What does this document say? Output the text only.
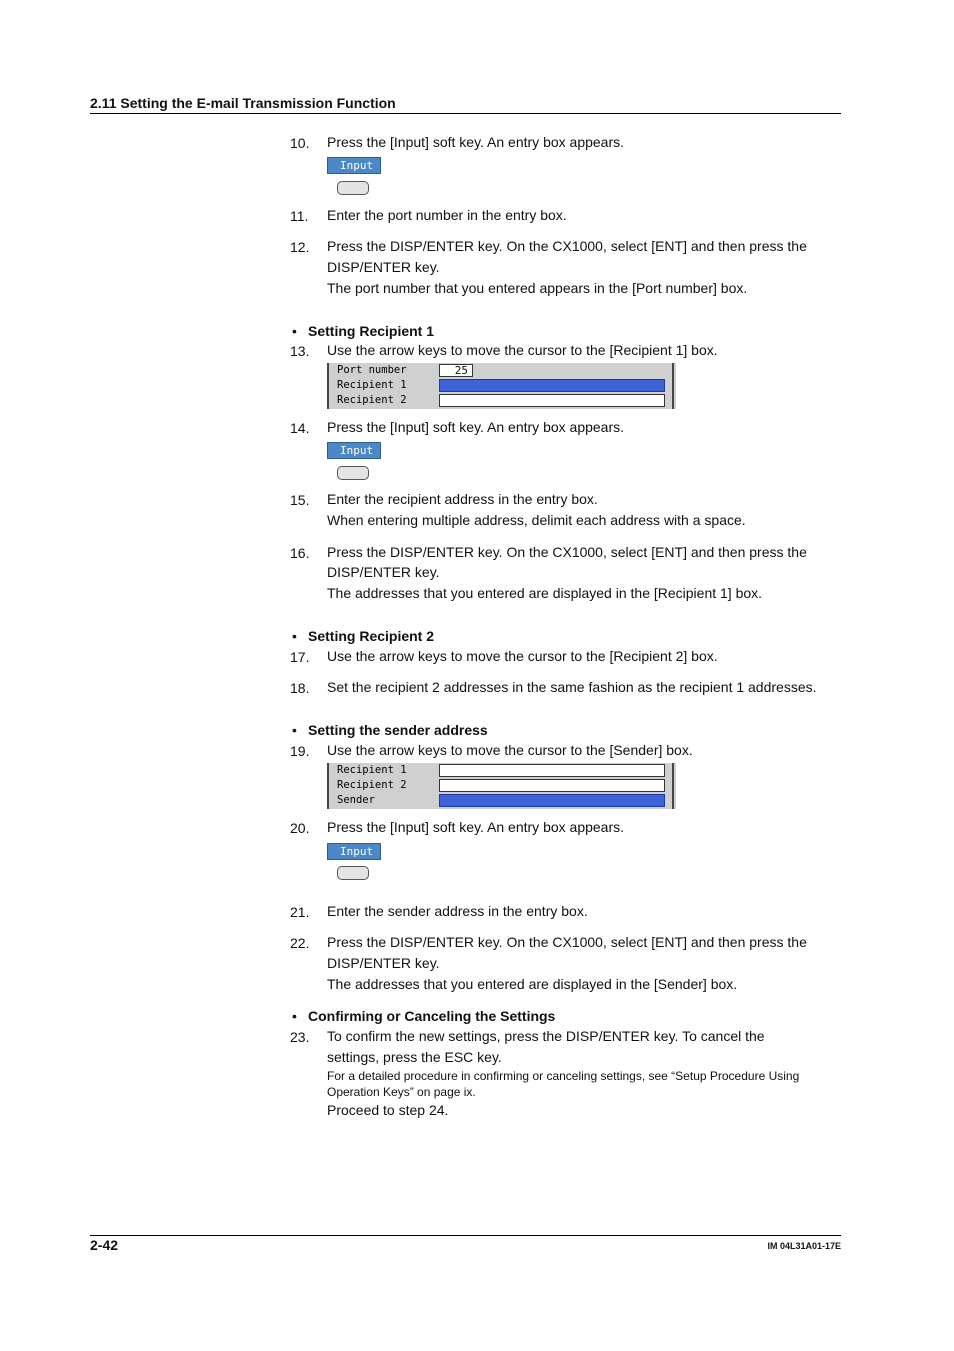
2.11 Setting the E-mail Transmission Function
10. Press the [Input] soft key. An entry box appears.
Input
11. Enter the port number in the entry box.
12. Press the DISP/ENTER key. On the CX1000, select [ENT] and then press the
DISP/ENTER key.
The port number that you entered appears in the [Port number] box.
• Setting Recipient 1
13. Use the arrow keys to move the cursor to the [Recipient 1] box.
Port number	25
Recipient 1
Recipient 2
14. Press the [Input] soft key. An entry box appears.
Input
15. Enter the recipient address in the entry box.
When entering multiple address, delimit each address with a space.
16. Press the DISP/ENTER key. On the CX1000, select [ENT] and then press the
DISP/ENTER key.
The addresses that you entered are displayed in the [Recipient 1] box.
• Setting Recipient 2
17. Use the arrow keys to move the cursor to the [Recipient 2] box.
18. Set the recipient 2 addresses in the same fashion as the recipient 1 addresses.
• Setting the sender address
19. Use the arrow keys to move the cursor to the [Sender] box.
Recipient 1
Recipient 2
Sender
20. Press the [Input] soft key. An entry box appears.
Input
21. Enter the sender address in the entry box.
22. Press the DISP/ENTER key. On the CX1000, select [ENT] and then press the
DISP/ENTER key.
The addresses that you entered are displayed in the [Sender] box.
• Confirming or Canceling the Settings
23. To confirm the new settings, press the DISP/ENTER key. To cancel the
settings, press the ESC key.
For a detailed procedure in confirming or canceling settings, see “Setup Procedure Using
Operation Keys” on page ix.
Proceed to step 24.
2-42	IM 04L31A01-17E
